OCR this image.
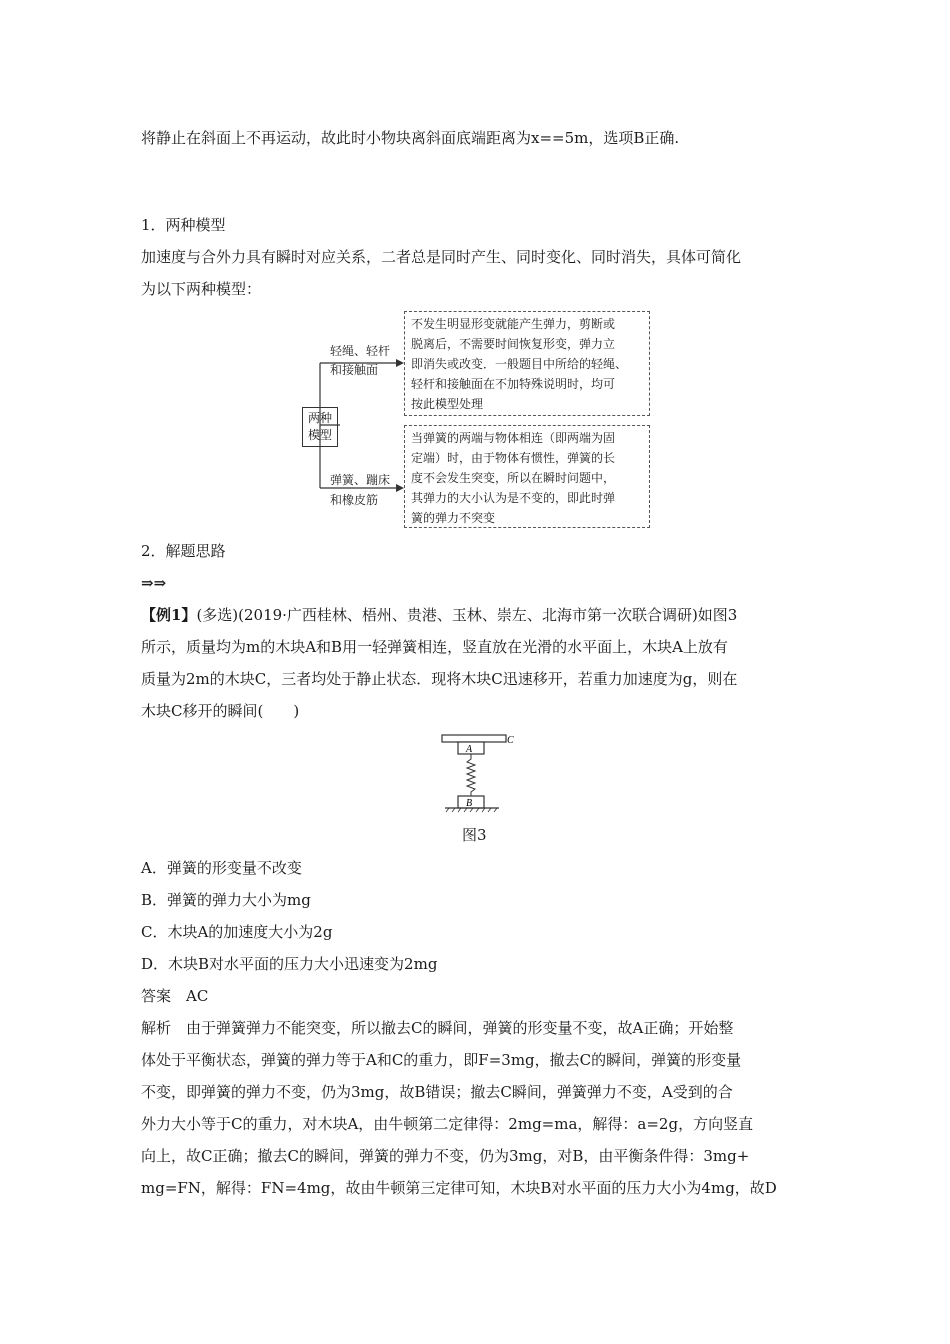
将静止在斜面上不再运动，故此时小物块离斜面底端距离为x==5m，选项B正确.
1．两种模型
加速度与合外力具有瞬时对应关系，二者总是同时产生、同时变化、同时消失，具体可简化
为以下两种模型：
两种
模型
轻绳、轻杆
和接触面
弹簧、蹦床
和橡皮筋
不发生明显形变就能产生弹力，剪断或
脱离后，不需要时间恢复形变，弹力立
即消失或改变．一般题目中所给的轻绳、
轻杆和接触面在不加特殊说明时，均可
按此模型处理
当弹簧的两端与物体相连（即两端为固
定端）时，由于物体有惯性，弹簧的长
度不会发生突变，所以在瞬时问题中，
其弹力的大小认为是不变的，即此时弹
簧的弹力不突变
2．解题思路
⇒⇒
【例1】(多选)(2019·广西桂林、梧州、贵港、玉林、崇左、北海市第一次联合调研)如图3
所示，质量均为m的木块A和B用一轻弹簧相连，竖直放在光滑的水平面上，木块A上放有
质量为2m的木块C，三者均处于静止状态．现将木块C迅速移开，若重力加速度为g，则在
木块C移开的瞬间(　　)
A
B
C
图3
A．弹簧的形变量不改变
B．弹簧的弹力大小为mg
C．木块A的加速度大小为2g
D．木块B对水平面的压力大小迅速变为2mg
答案　AC
解析　由于弹簧弹力不能突变，所以撤去C的瞬间，弹簧的形变量不变，故A正确；开始整
体处于平衡状态，弹簧的弹力等于A和C的重力，即F=3mg，撤去C的瞬间，弹簧的形变量
不变，即弹簧的弹力不变，仍为3mg，故B错误；撤去C瞬间，弹簧弹力不变，A受到的合
外力大小等于C的重力，对木块A，由牛顿第二定律得：2mg=ma，解得：a=2g，方向竖直
向上，故C正确；撤去C的瞬间，弹簧的弹力不变，仍为3mg，对B，由平衡条件得：3mg+
mg=FN，解得：FN=4mg，故由牛顿第三定律可知，木块B对水平面的压力大小为4mg，故D
